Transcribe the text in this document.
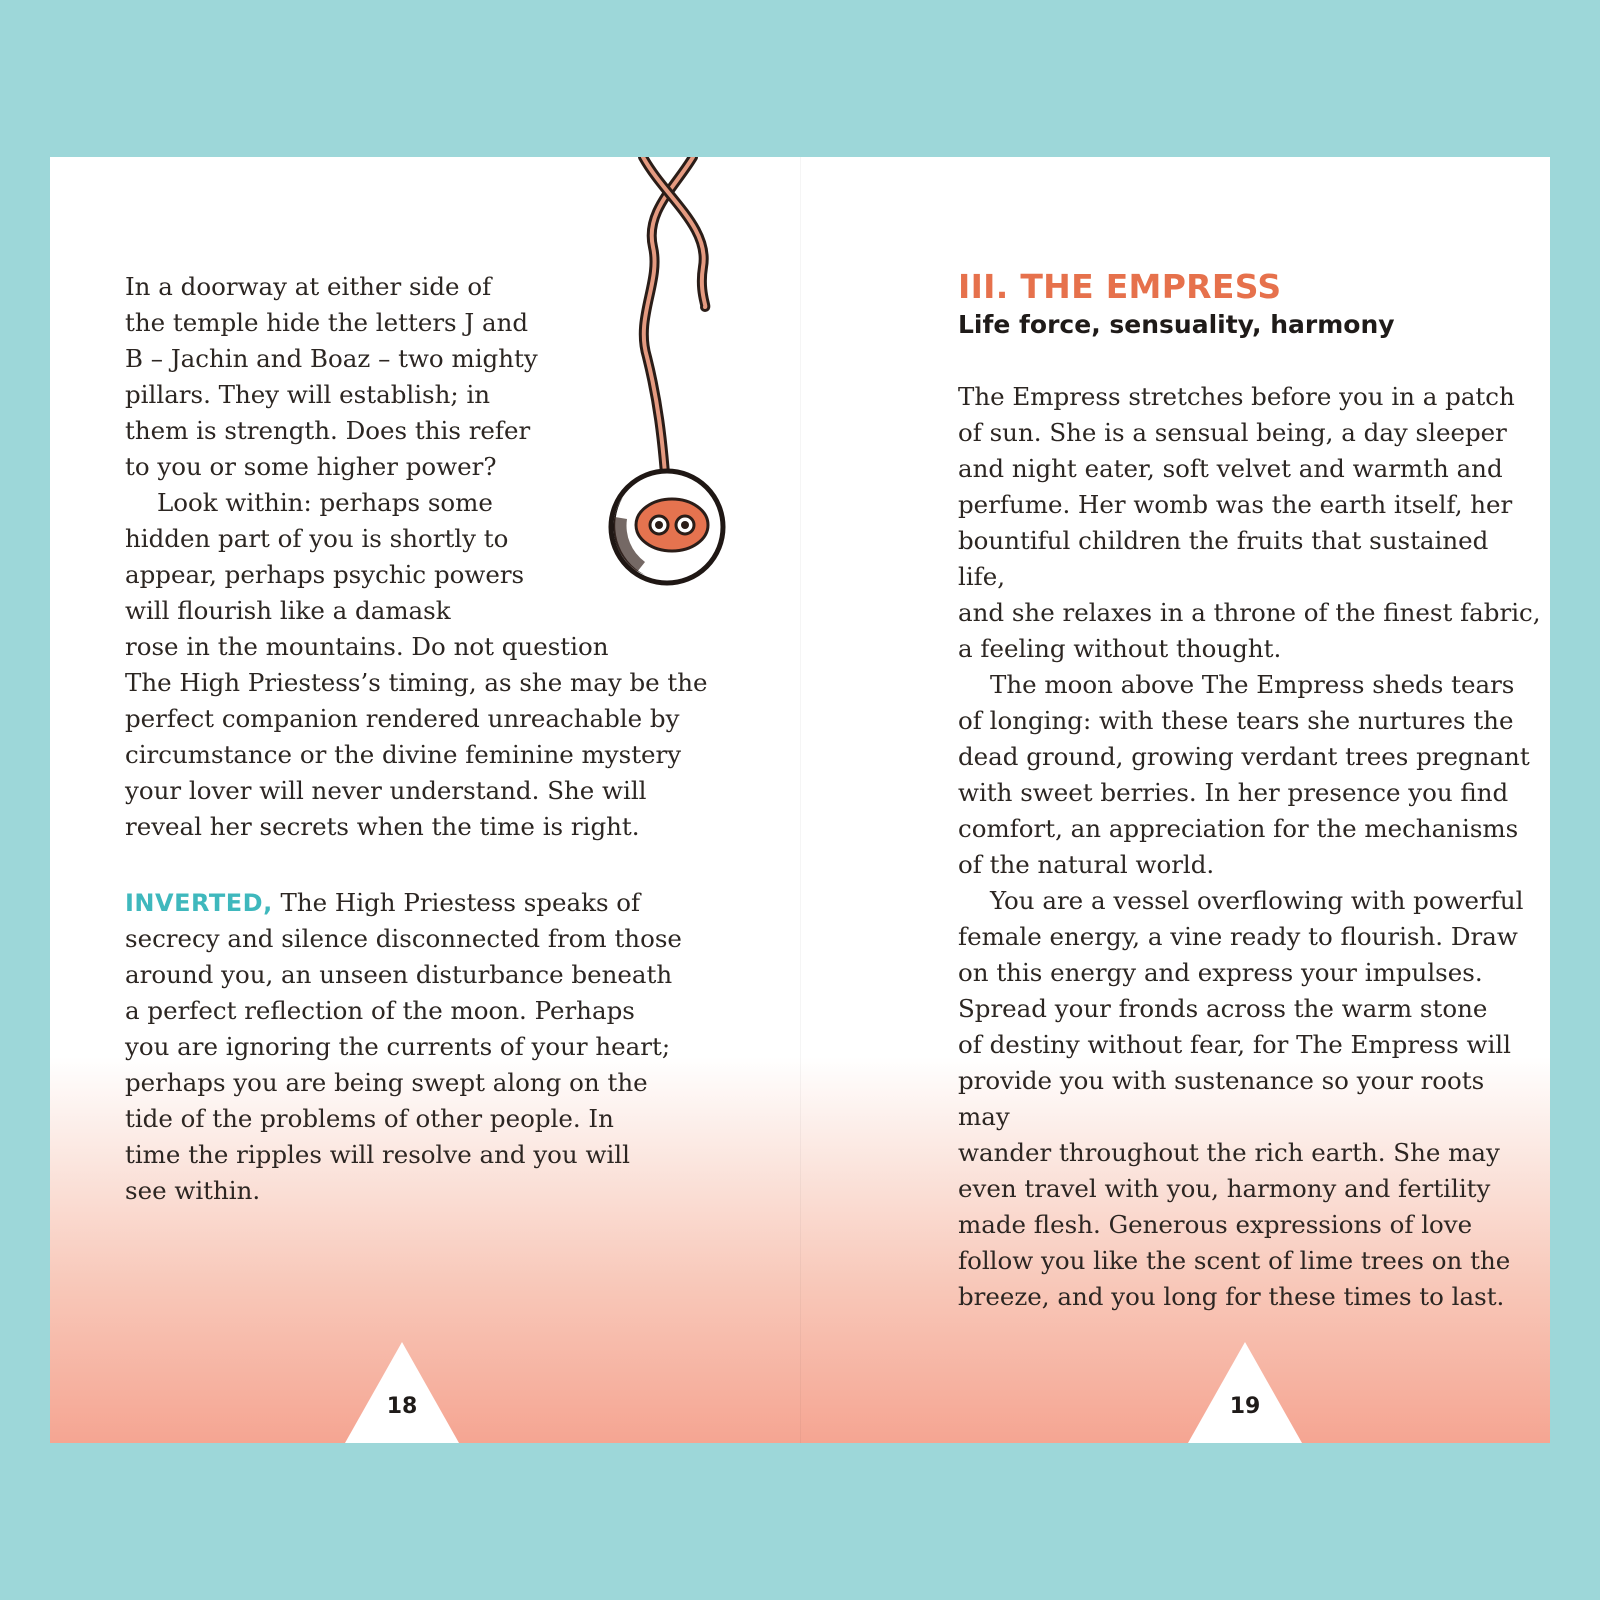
In a doorway at either side of
the temple hide the letters J and
B – Jachin and Boaz – two mighty
pillars. They will establish; in
them is strength. Does this refer
to you or some higher power?

Look within: perhaps some
hidden part of you is shortly to
appear, perhaps psychic powers
will flourish like a damask
rose in the mountains. Do not question
The High Priestess’s timing, as she may be the
perfect companion rendered unreachable by
circumstance or the divine feminine mystery
your lover will never understand. She will
reveal her secrets when the time is right.

INVERTED, The High Priestess speaks of
secrecy and silence disconnected from those
around you, an unseen disturbance beneath
a perfect reflection of the moon. Perhaps
you are ignoring the currents of your heart;
perhaps you are being swept along on the
tide of the problems of other people. In
time the ripples will resolve and you will
see within.

18
III. THE EMPRESS
Life force, sensuality, harmony

The Empress stretches before you in a patch
of sun. She is a sensual being, a day sleeper
and night eater, soft velvet and warmth and
perfume. Her womb was the earth itself, her
bountiful children the fruits that sustained life,
and she relaxes in a throne of the finest fabric,
a feeling without thought.

The moon above The Empress sheds tears
of longing: with these tears she nurtures the
dead ground, growing verdant trees pregnant
with sweet berries. In her presence you find
comfort, an appreciation for the mechanisms
of the natural world.

You are a vessel overflowing with powerful
female energy, a vine ready to flourish. Draw
on this energy and express your impulses.
Spread your fronds across the warm stone
of destiny without fear, for The Empress will
provide you with sustenance so your roots may
wander throughout the rich earth. She may
even travel with you, harmony and fertility
made flesh. Generous expressions of love
follow you like the scent of lime trees on the
breeze, and you long for these times to last.

19
